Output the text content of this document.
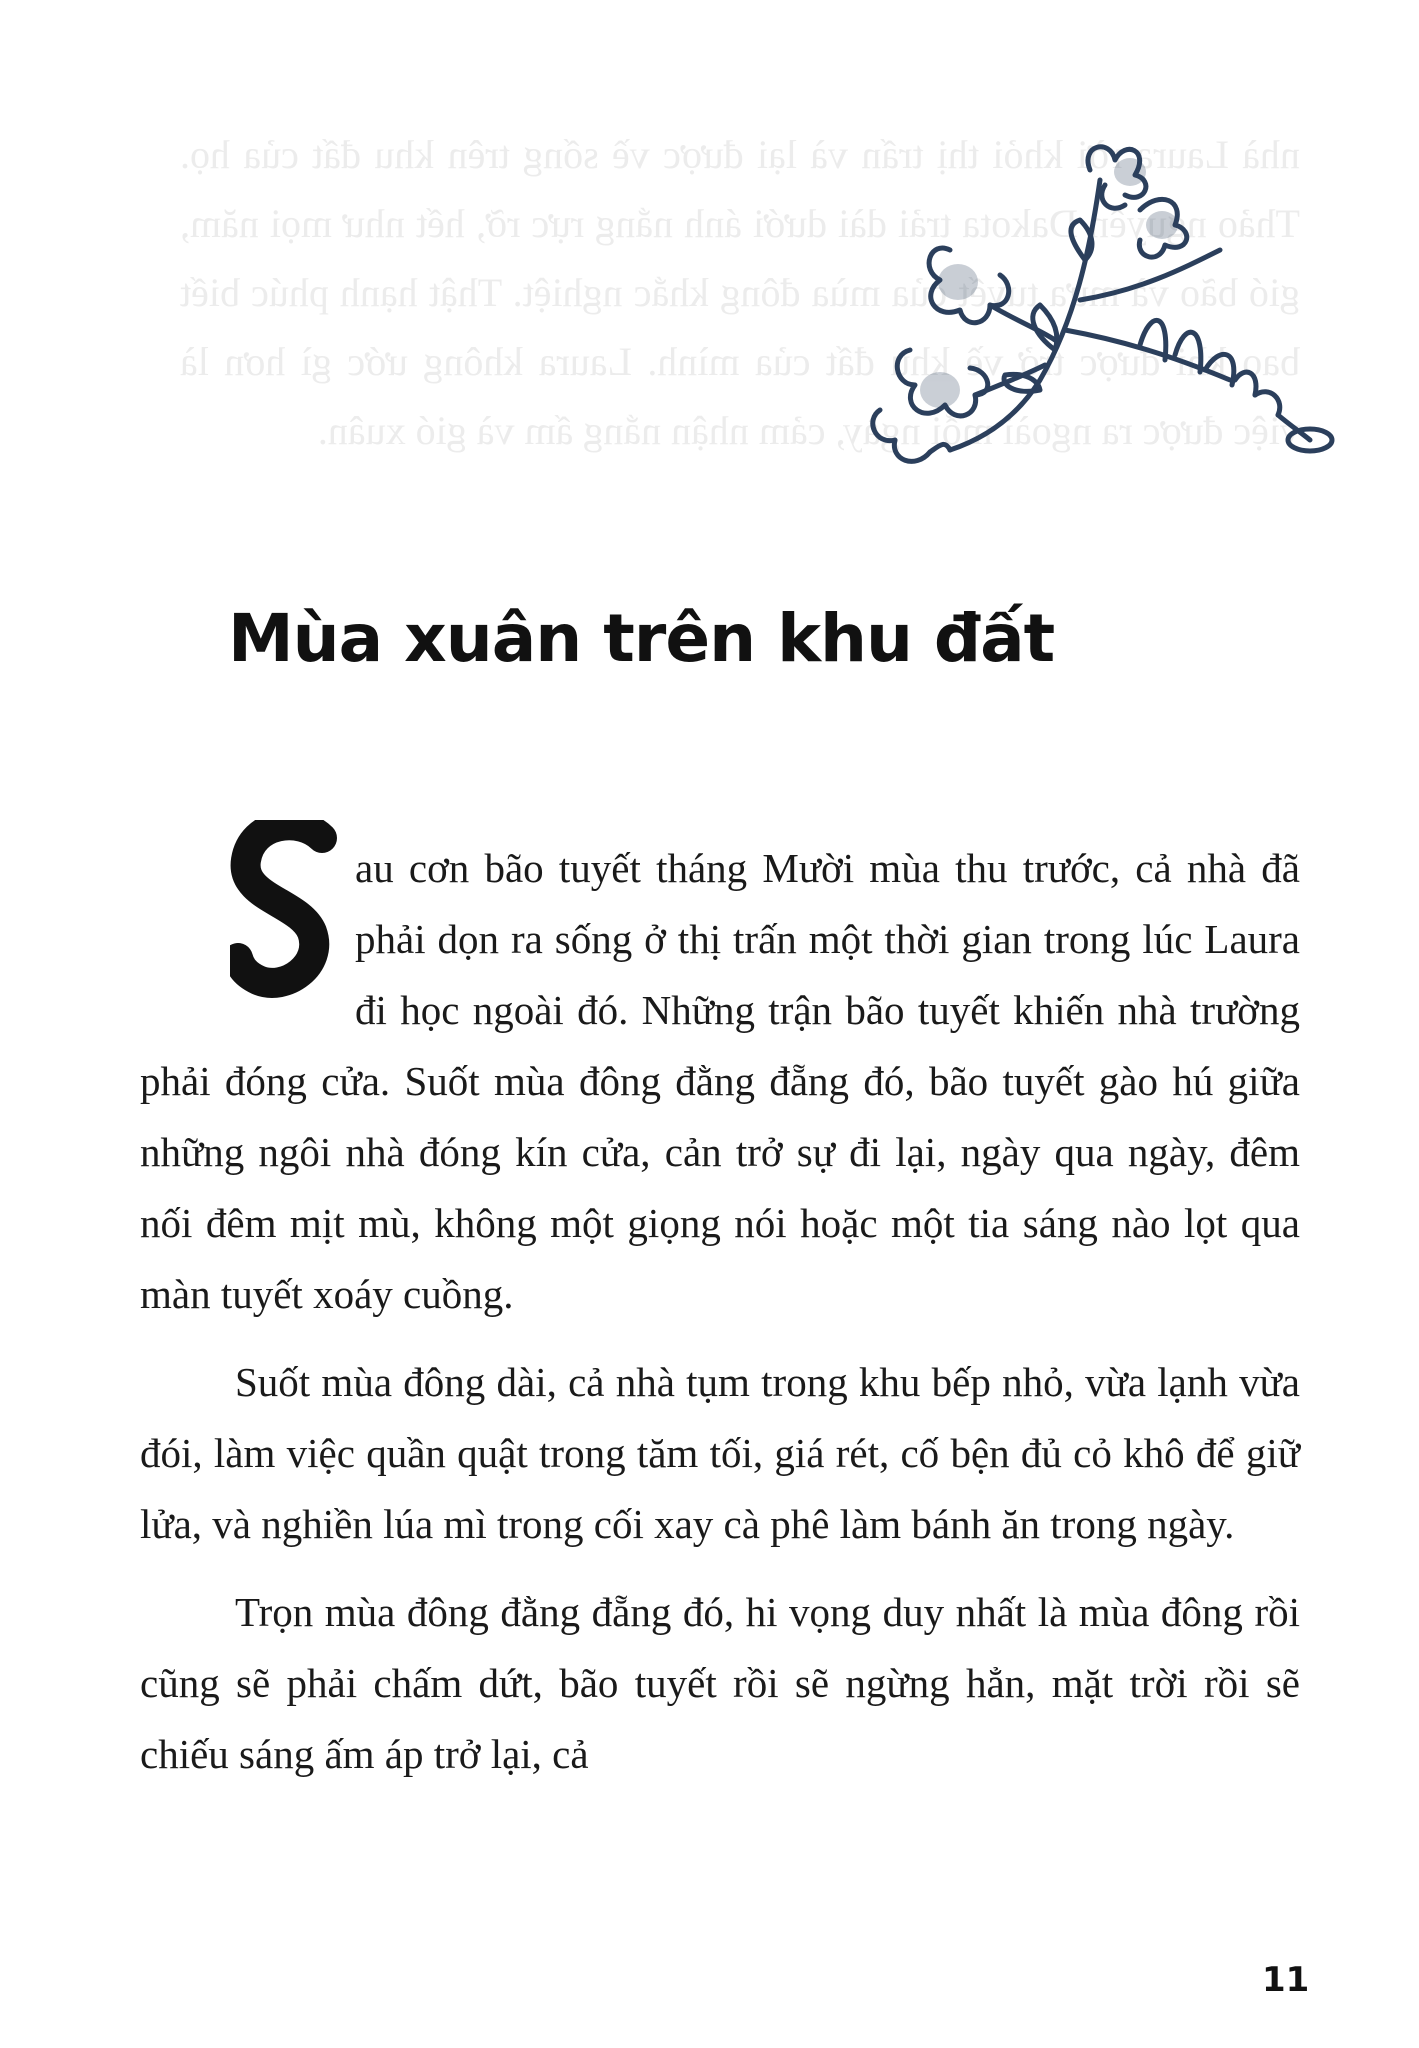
nhà Laura rời khỏi thị trấn và lại được về sống trên khu đất của họ. Thảo nguyên Dakota trải dài dưới ánh nắng rực rỡ, hết như mọi năm, gió bão và mưa tuyết của mùa đông khắc nghiệt. Thật hạnh phúc biết bao khi được trở về khu đất của mình. Laura không ước gì hơn là việc được ra ngoài mỗi ngày, cảm nhận nắng ấm và gió xuân.

Mùa xuân trên khu đất

au cơn bão tuyết tháng Mười mùa thu trước, cả nhà đã phải dọn ra sống ở thị trấn một thời gian trong lúc Laura đi học ngoài đó. Những trận bão tuyết khiến nhà trường phải đóng cửa. Suốt mùa đông đằng đẵng đó, bão tuyết gào hú giữa những ngôi nhà đóng kín cửa, cản trở sự đi lại, ngày qua ngày, đêm nối đêm mịt mù, không một giọng nói hoặc một tia sáng nào lọt qua màn tuyết xoáy cuồng.

Suốt mùa đông dài, cả nhà tụm trong khu bếp nhỏ, vừa lạnh vừa đói, làm việc quần quật trong tăm tối, giá rét, cố bện đủ cỏ khô để giữ lửa, và nghiền lúa mì trong cối xay cà phê làm bánh ăn trong ngày.

Trọn mùa đông đằng đẵng đó, hi vọng duy nhất là mùa đông rồi cũng sẽ phải chấm dứt, bão tuyết rồi sẽ ngừng hẳn, mặt trời rồi sẽ chiếu sáng ấm áp trở lại, cả

11
